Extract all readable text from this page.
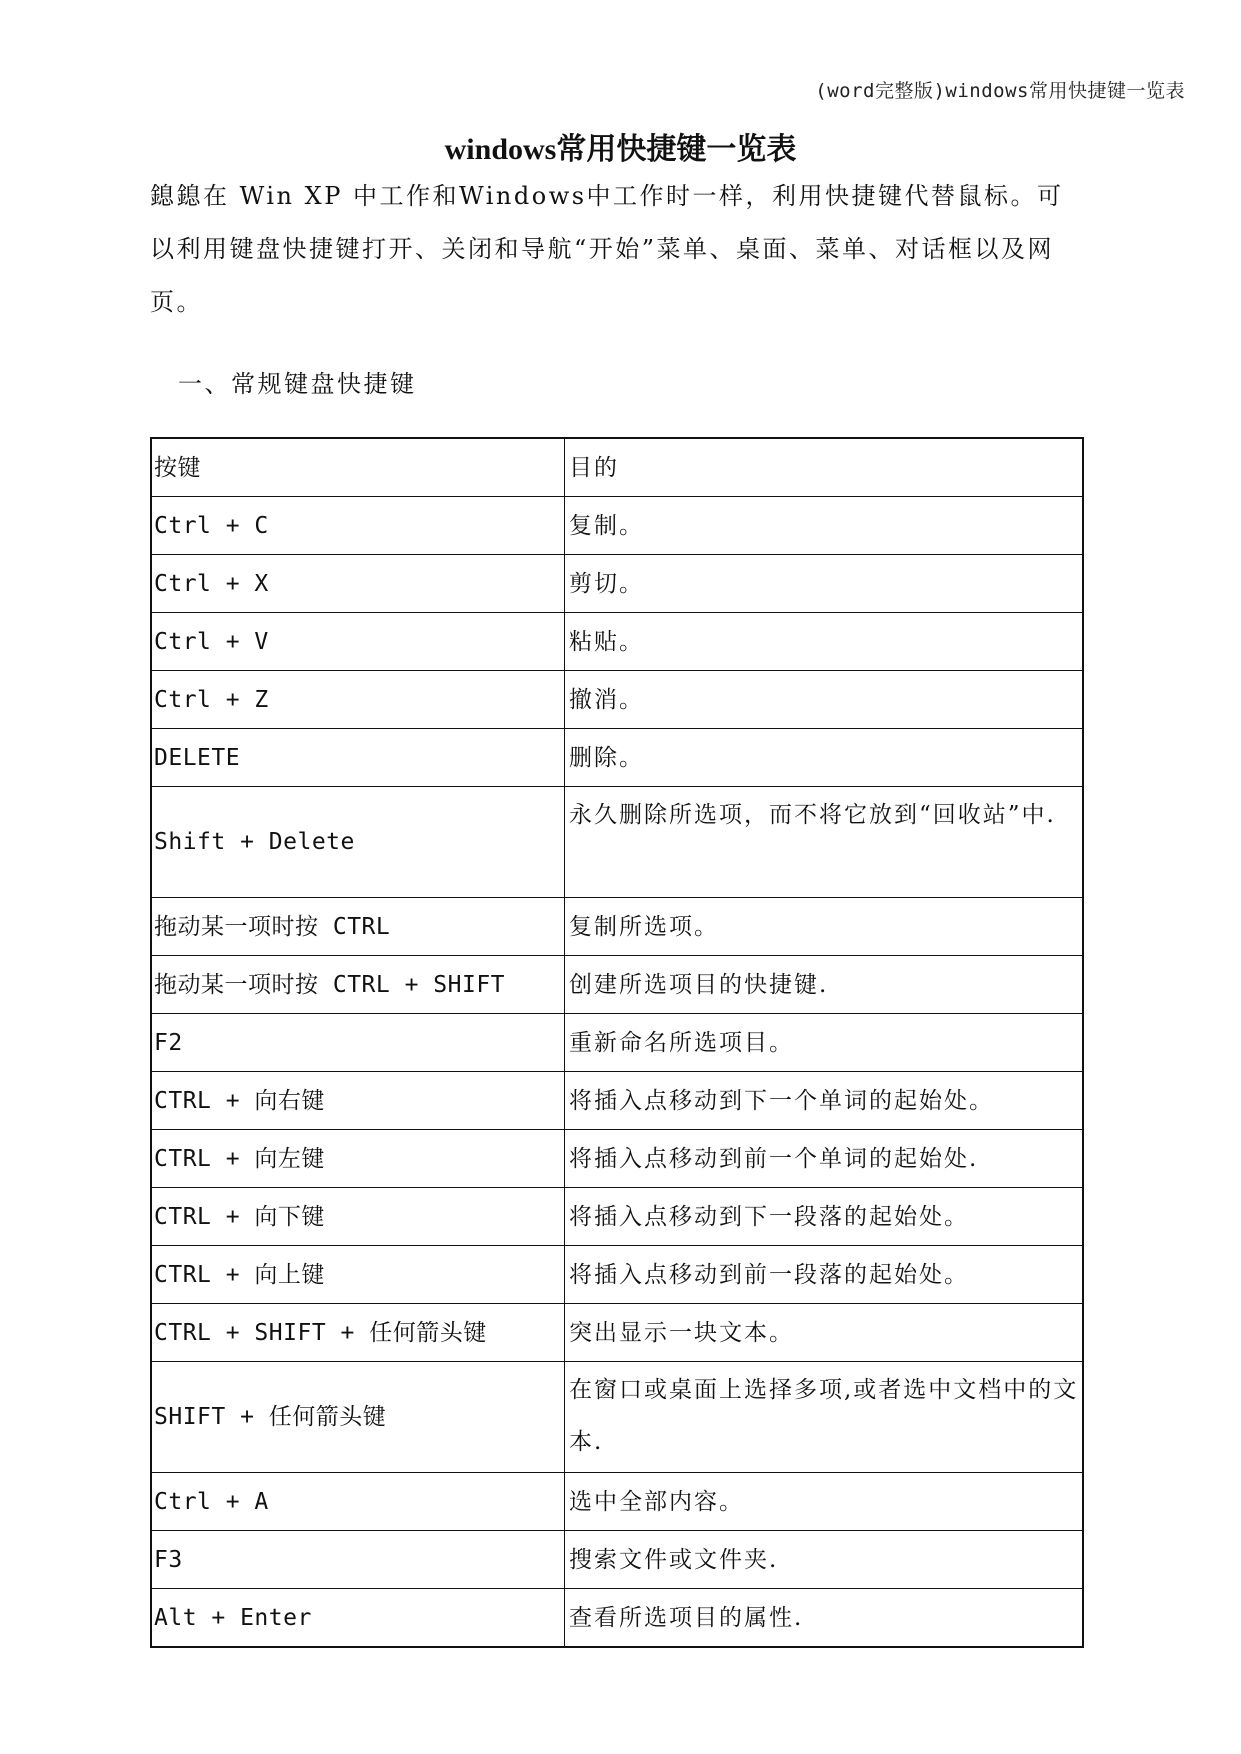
(word完整版)windows常用快捷键一览表
windows常用快捷键一览表
鎴鎴在 Win XP 中工作和Windows中工作时一样，利用快捷键代替鼠标。可以利用键盘快捷键打开、关闭和导航“开始”菜单、桌面、菜单、对话框以及网页。
一、常规键盘快捷键
按键	目的
Ctrl + C	复制。
Ctrl + X	剪切。
Ctrl + V	粘贴。
Ctrl + Z	撤消。
DELETE	删除。
Shift + Delete	永久删除所选项，而不将它放到“回收站”中.
拖动某一项时按 CTRL	复制所选项。
拖动某一项时按 CTRL + SHIFT	创建所选项目的快捷键.
F2	重新命名所选项目。
CTRL + 向右键	将插入点移动到下一个单词的起始处。
CTRL + 向左键	将插入点移动到前一个单词的起始处.
CTRL + 向下键	将插入点移动到下一段落的起始处。
CTRL + 向上键	将插入点移动到前一段落的起始处。
CTRL + SHIFT + 任何箭头键	突出显示一块文本。
SHIFT + 任何箭头键	在窗口或桌面上选择多项,或者选中文档中的文本.
Ctrl + A	选中全部内容。
F3	搜索文件或文件夹.
Alt + Enter	查看所选项目的属性.
